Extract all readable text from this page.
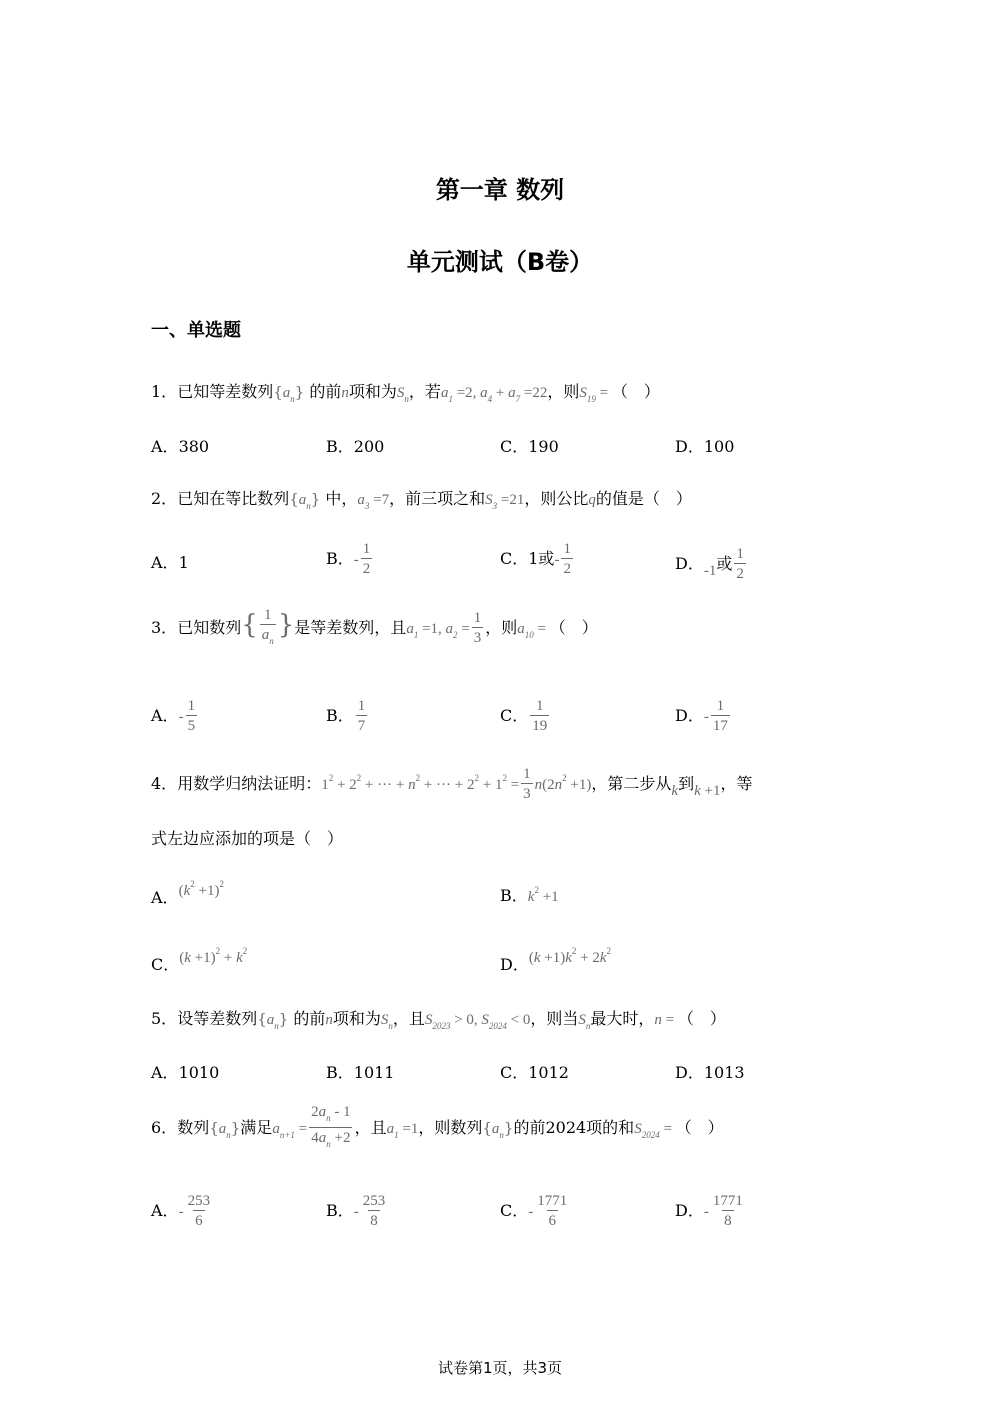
第一章 数列
单元测试（B卷）
一、单选题
1．已知等差数列$\{a_n\}$ 的前n项和为$S_n$，若$a_1 =2$, $a_4 + a_7 =22$，则$S_{19}$ = （　）
A．380	B．200	C．190	D．100
2．已知在等比数列$\{a_n\}$ 中，$a_3 =7$，前三项之和$S_3 =21$，则公比q的值是（　）
A．1	B．- $\frac{1}{2}$	C．1或- $\frac{1}{2}$	D．-1或 $\frac{1}{2}$
3．已知数列{ $\frac{1}{a_n}$ }是等差数列，且$a_1 =1$, $a_2 = \frac{1}{3}$ ，则$a_{10}$ = （　）
A．- $\frac{1}{5}$	B． $\frac{1}{7}$	C． $\frac{1}{19}$	D．- $\frac{1}{17}$
4．用数学归纳法证明：$1^2 + 2^2$ + ··· + $n^2$ + ··· + $2^2 + 1^2 = \frac{1}{3} n(2n^2 +1)$，第二步从k到k +1，等
式左边应添加的项是（　）
A．$(k^2 +1)^2$
B．$k^2 +1$
C．$(k +1)^2 + k^2$
D．$(k +1)k^2 + 2k^2$
5．设等差数列$\{a_n\}$ 的前n项和为$S_n$，且$S_{2023} > 0$, $S_{2024} < 0$，则当$S_n$最大时，n = （　）
A．1010	B．1011	C．1012	D．1013
6．数列$\{a_n\}$满足$a_{n+1} = \frac{2a_n - 1}{4a_n +2}$ ，且$a_1 =1$，则数列$\{a_n\}$的前2024项的和$S_{2024}$ = （　）
A．- $\frac{253}{6}$	B．- $\frac{253}{8}$	C．- $\frac{1771}{6}$	D．- $\frac{1771}{8}$
试卷第1页，共3页
